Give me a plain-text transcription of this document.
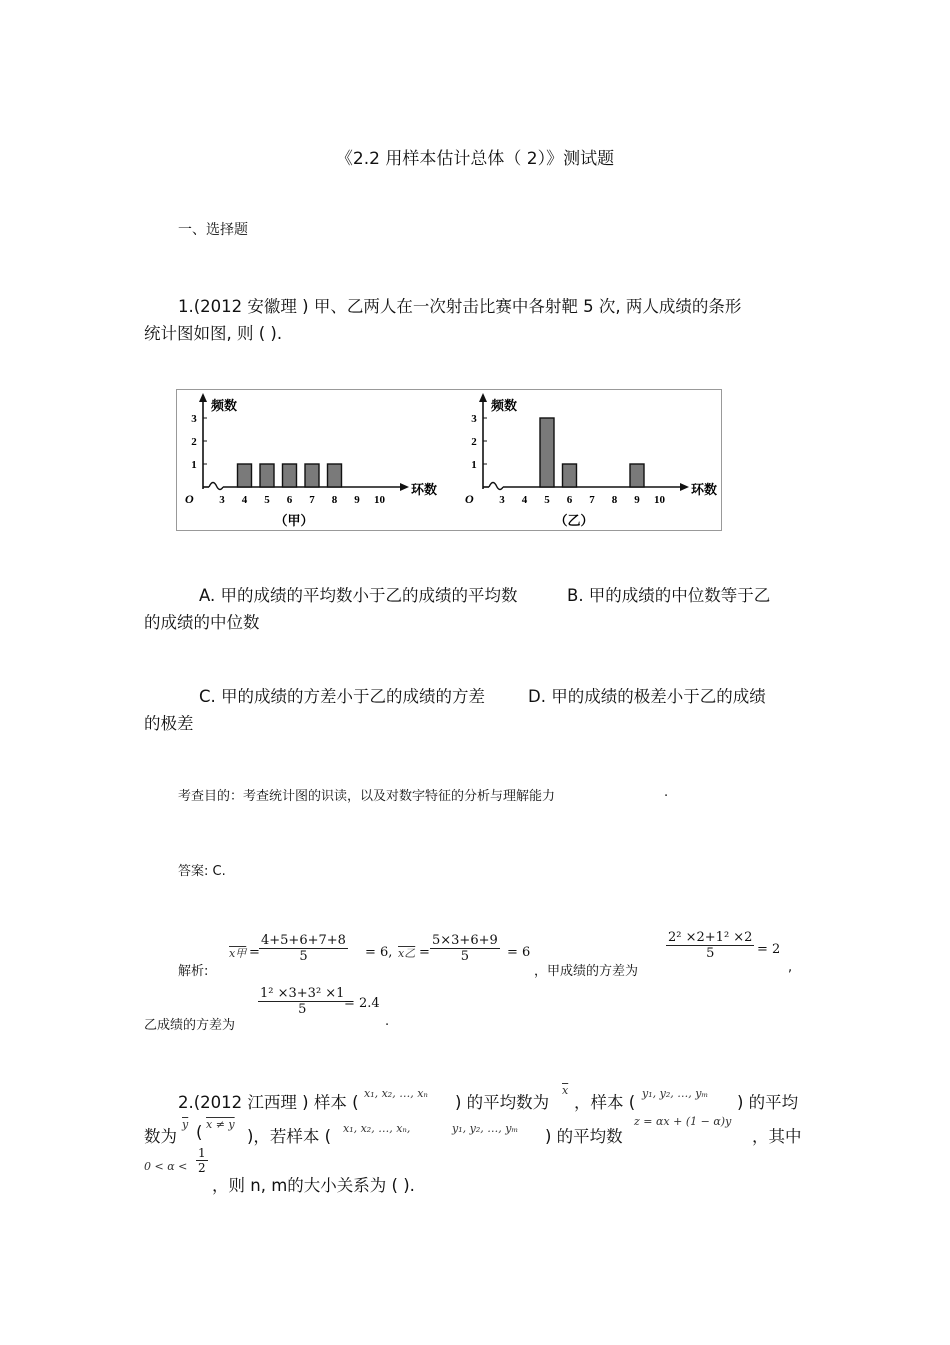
《2.2 用样本估计总体（ 2）》测试题
一、选择题
1.(2012 安徽理 ) 甲、乙两人在一次射击比赛中各射靶 5 次, 两人成绩的条形
统计图如图, 则 ( ).
1
2
3
频数
环数
O
（甲）
3 4 5 6 7 8 9 10
1
2
3
频数
环数
O
（乙）
3 4 5 6 7 8 9 10
A. 甲的成绩的平均数小于乙的成绩的平均数	B. 甲的成绩的中位数等于乙
的成绩的中位数
C. 甲的成绩的方差小于乙的成绩的方差	D. 甲的成绩的极差小于乙的成绩
的极差
考查目的：考查统计图的识读，以及对数字特征的分析与理解能力	.
答案: C.
解析:
x甲 = $\frac{4+5+6+7+8}{5} = 6$, x乙 = $\frac{5\times 3+6+9}{5} = 6$
，甲成绩的方差为
$\frac{\text{2² ×2+1² ×2}}{5} = 2$
,
乙成绩的方差为
$\frac{\text{1² ×3+3² ×1}}{5}$
= 2.4
.
2.(2012 江西理 ) 样本 ( x₁, x₂, …, xₙ ) 的平均数为
$\overline{x}$
，样本 ( y₁, y₂, …, yₘ ) 的平均
数为
$\overline{y}$ ( x ≠ y
)，若样本 ( x₁, x₂, …, xₙ,	y₁, y₂, …, yₘ ) 的平均数
z = αx + (1 − α)y
，其中
$0 < \alpha < \frac{1}{2}$
，则 n, m的大小关系为 ( ).
